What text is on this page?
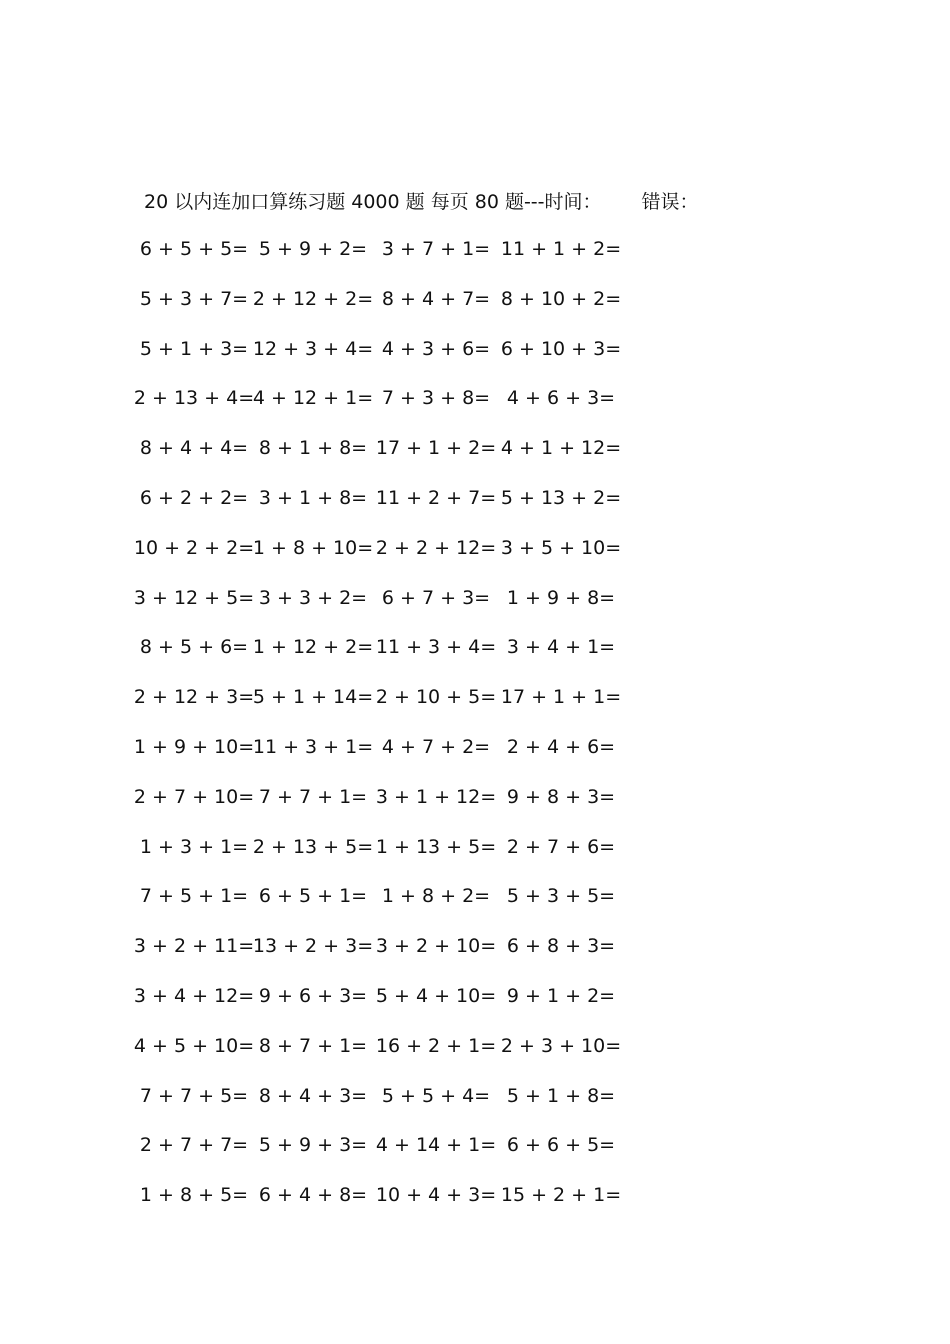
20 以内连加口算练习题 4000 题 每页 80 题---时间： 错误：
6 + 5 + 5= 5 + 9 + 2= 3 + 7 + 1= 11 + 1 + 2=
5 + 3 + 7= 2 + 12 + 2= 8 + 4 + 7= 8 + 10 + 2=
5 + 1 + 3= 12 + 3 + 4= 4 + 3 + 6= 6 + 10 + 3=
2 + 13 + 4=
4 + 12 + 1= 7 + 3 + 8= 4 + 6 + 3=
8 + 4 + 4= 8 + 1 + 8= 17 + 1 + 2= 4 + 1 + 12=
6 + 2 + 2= 3 + 1 + 8= 11 + 2 + 7= 5 + 13 + 2=
10 + 2 + 2=
1 + 8 + 10= 2 + 2 + 12= 3 + 5 + 10=
3 + 12 + 5= 3 + 3 + 2= 6 + 7 + 3= 1 + 9 + 8=
8 + 5 + 6= 1 + 12 + 2= 11 + 3 + 4= 3 + 4 + 1=
2 + 12 + 3=
5 + 1 + 14= 2 + 10 + 5= 17 + 1 + 1=
1 + 9 + 10=
11 + 3 + 1= 4 + 7 + 2= 2 + 4 + 6=
2 + 7 + 10= 7 + 7 + 1= 3 + 1 + 12= 9 + 8 + 3=
1 + 3 + 1= 2 + 13 + 5= 1 + 13 + 5= 2 + 7 + 6=
7 + 5 + 1= 6 + 5 + 1= 1 + 8 + 2= 5 + 3 + 5=
3 + 2 + 11=
13 + 2 + 3= 3 + 2 + 10= 6 + 8 + 3=
3 + 4 + 12= 9 + 6 + 3= 5 + 4 + 10= 9 + 1 + 2=
4 + 5 + 10= 8 + 7 + 1= 16 + 2 + 1= 2 + 3 + 10=
7 + 7 + 5= 8 + 4 + 3= 5 + 5 + 4= 5 + 1 + 8=
2 + 7 + 7= 5 + 9 + 3= 4 + 14 + 1= 6 + 6 + 5=
1 + 8 + 5= 6 + 4 + 8= 10 + 4 + 3= 15 + 2 + 1=
